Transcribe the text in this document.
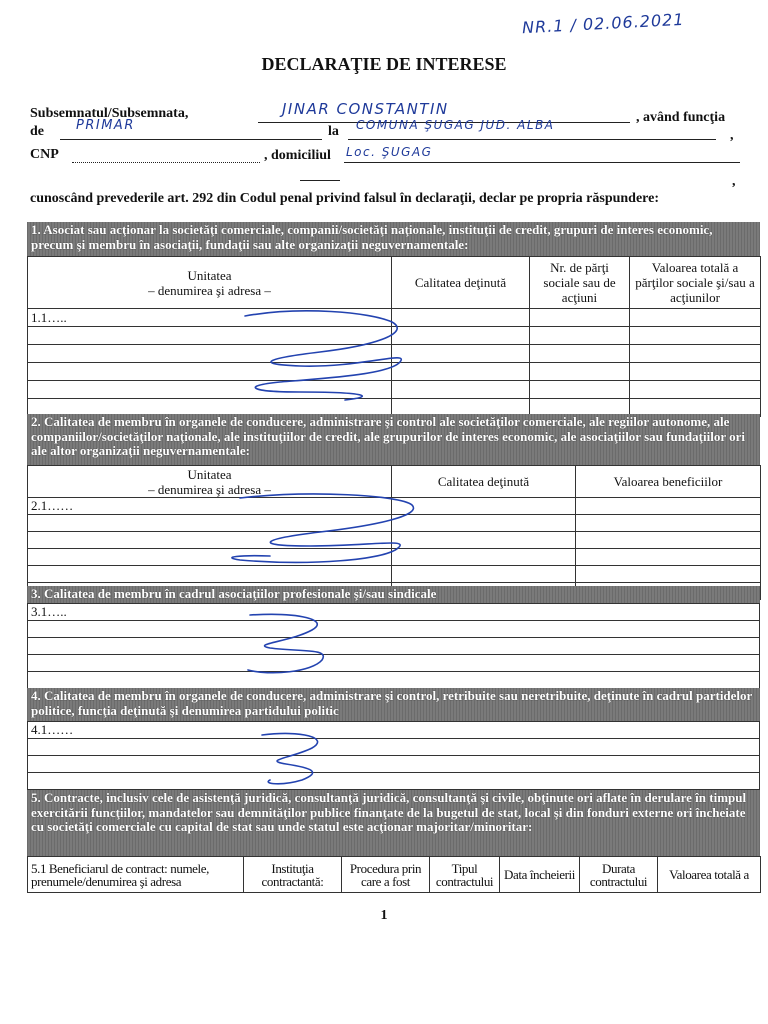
NR.1 / 02.06.2021
DECLARAŢIE DE INTERESE
Subsemnatul/Subsemnata,	JINAR CONSTANTIN	, având funcţia
de PRIMAR	la COMUNA ŞUGAG JUD. ALBA
,
CNP	, domiciliul Loc. ŞUGAG
,
cunoscând prevederile art. 292 din Codul penal privind falsul în declaraţii, declar pe propria răspundere:
1. Asociat sau acţionar la societăţi comerciale, companii/societăţi naţionale, instituţii de credit, grupuri de interes economic, precum şi membru în asociaţii, fundaţii sau alte organizaţii neguvernamentale:
Unitatea
– denumirea şi adresa –	Calitatea deţinută	Nr. de părţi sociale sau de acţiuni	Valoarea totală a părţilor sociale şi/sau a acţiunilor
1.1…..			

2. Calitatea de membru în organele de conducere, administrare şi control ale societăţilor comerciale, ale regiilor autonome, ale companiilor/societăţilor naţionale, ale instituţiilor de credit, ale grupurilor de interes economic, ale asociaţiilor sau fundaţiilor ori ale altor organizaţii neguvernamentale:
Unitatea
– denumirea şi adresa –	Calitatea deţinută	Valoarea beneficiilor
2.1……		

3. Calitatea de membru în cadrul asociaţiilor profesionale şi/sau sindicale
3.1…..

4. Calitatea de membru în organele de conducere, administrare şi control, retribuite sau neretribuite, deţinute în cadrul partidelor politice, funcţia deţinută şi denumirea partidului politic
4.1……

5. Contracte, inclusiv cele de asistenţă juridică, consultanţă juridică, consultanţă şi civile, obţinute ori aflate în derulare în timpul exercitării funcţiilor, mandatelor sau demnităţilor publice finanţate de la bugetul de stat, local şi din fonduri externe ori încheiate cu societăţi comerciale cu capital de stat sau unde statul este acţionar majoritar/minoritar:
5.1 Beneficiarul de contract: numele, prenumele/denumirea şi adresa	Instituţia contractantă:	Procedura prin care a fost	Tipul contractului	Data încheierii	Durata contractului	Valoarea totală a
1
